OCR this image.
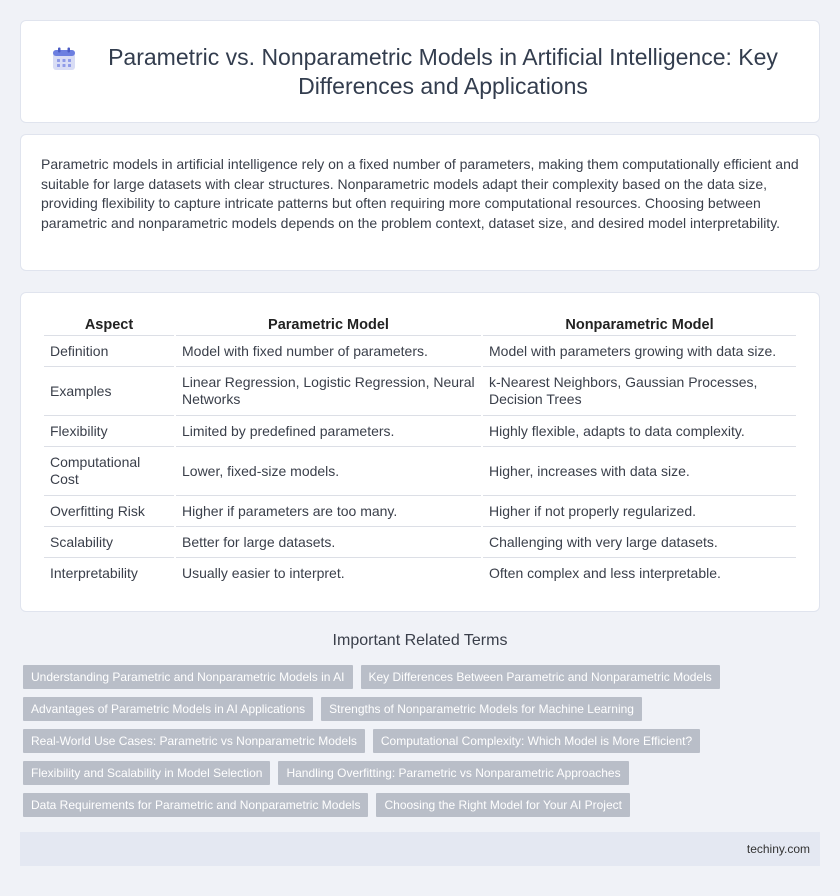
Parametric vs. Nonparametric Models in Artificial Intelligence: Key Differences and Applications

Parametric models in artificial intelligence rely on a fixed number of parameters, making them computationally efficient and suitable for large datasets with clear structures. Nonparametric models adapt their complexity based on the data size, providing flexibility to capture intricate patterns but often requiring more computational resources. Choosing between parametric and nonparametric models depends on the problem context, dataset size, and desired model interpretability.

Aspect	Parametric Model	Nonparametric Model
Definition	Model with fixed number of parameters.	Model with parameters growing with data size.
Examples	Linear Regression, Logistic Regression, Neural Networks	k-Nearest Neighbors, Gaussian Processes, Decision Trees
Flexibility	Limited by predefined parameters.	Highly flexible, adapts to data complexity.
Computational Cost	Lower, fixed-size models.	Higher, increases with data size.
Overfitting Risk	Higher if parameters are too many.	Higher if not properly regularized.
Scalability	Better for large datasets.	Challenging with very large datasets.
Interpretability	Usually easier to interpret.	Often complex and less interpretable.
Important Related Terms
Understanding Parametric and Nonparametric Models in AI	Key Differences Between Parametric and Nonparametric Models
Advantages of Parametric Models in AI Applications	Strengths of Nonparametric Models for Machine Learning
Real-World Use Cases: Parametric vs Nonparametric Models	Computational Complexity: Which Model is More Efficient?
Flexibility and Scalability in Model Selection	Handling Overfitting: Parametric vs Nonparametric Approaches
Data Requirements for Parametric and Nonparametric Models	Choosing the Right Model for Your AI Project
techiny.com
